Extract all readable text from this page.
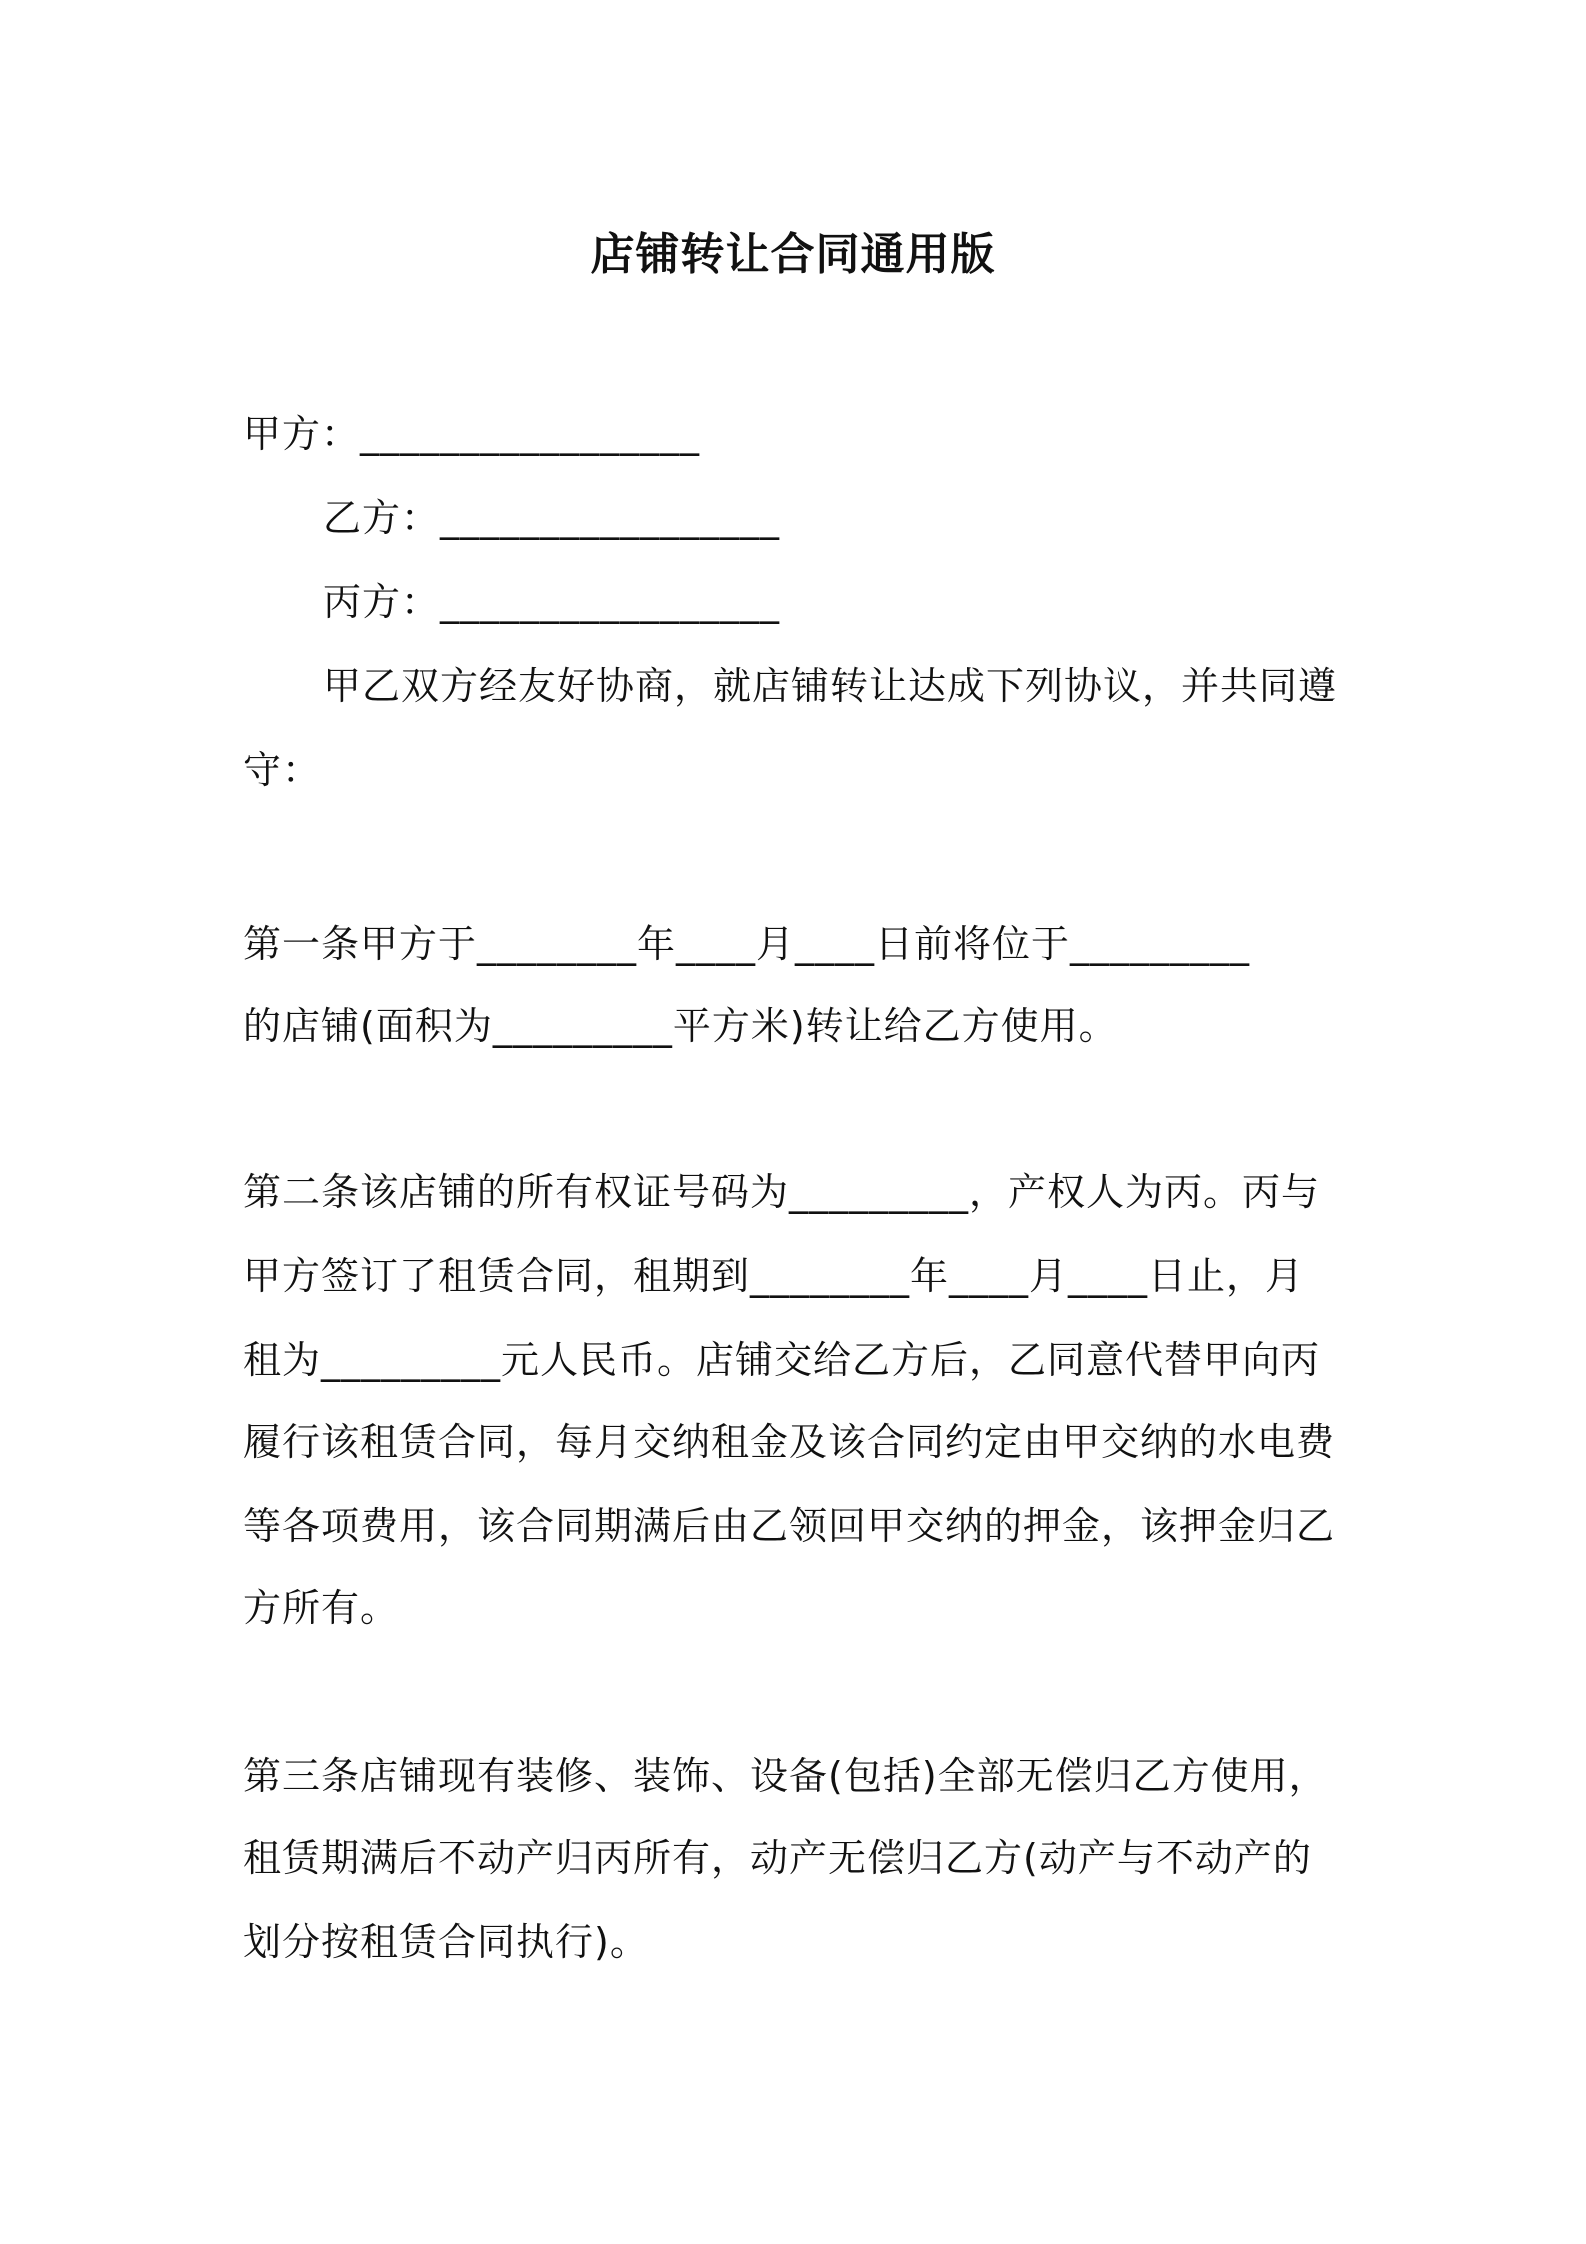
店铺转让合同通用版
甲方：_________________
乙方：_________________
丙方：_________________
甲乙双方经友好协商，就店铺转让达成下列协议，并共同遵
守：
第一条甲方于________年____月____日前将位于_________
的店铺(面积为_________平方米)转让给乙方使用。
第二条该店铺的所有权证号码为_________，产权人为丙。丙与
甲方签订了租赁合同，租期到________年____月____日止，月
租为_________元人民币。店铺交给乙方后，乙同意代替甲向丙
履行该租赁合同，每月交纳租金及该合同约定由甲交纳的水电费
等各项费用，该合同期满后由乙领回甲交纳的押金，该押金归乙
方所有。
第三条店铺现有装修、装饰、设备(包括)全部无偿归乙方使用，
租赁期满后不动产归丙所有，动产无偿归乙方(动产与不动产的
划分按租赁合同执行)。
